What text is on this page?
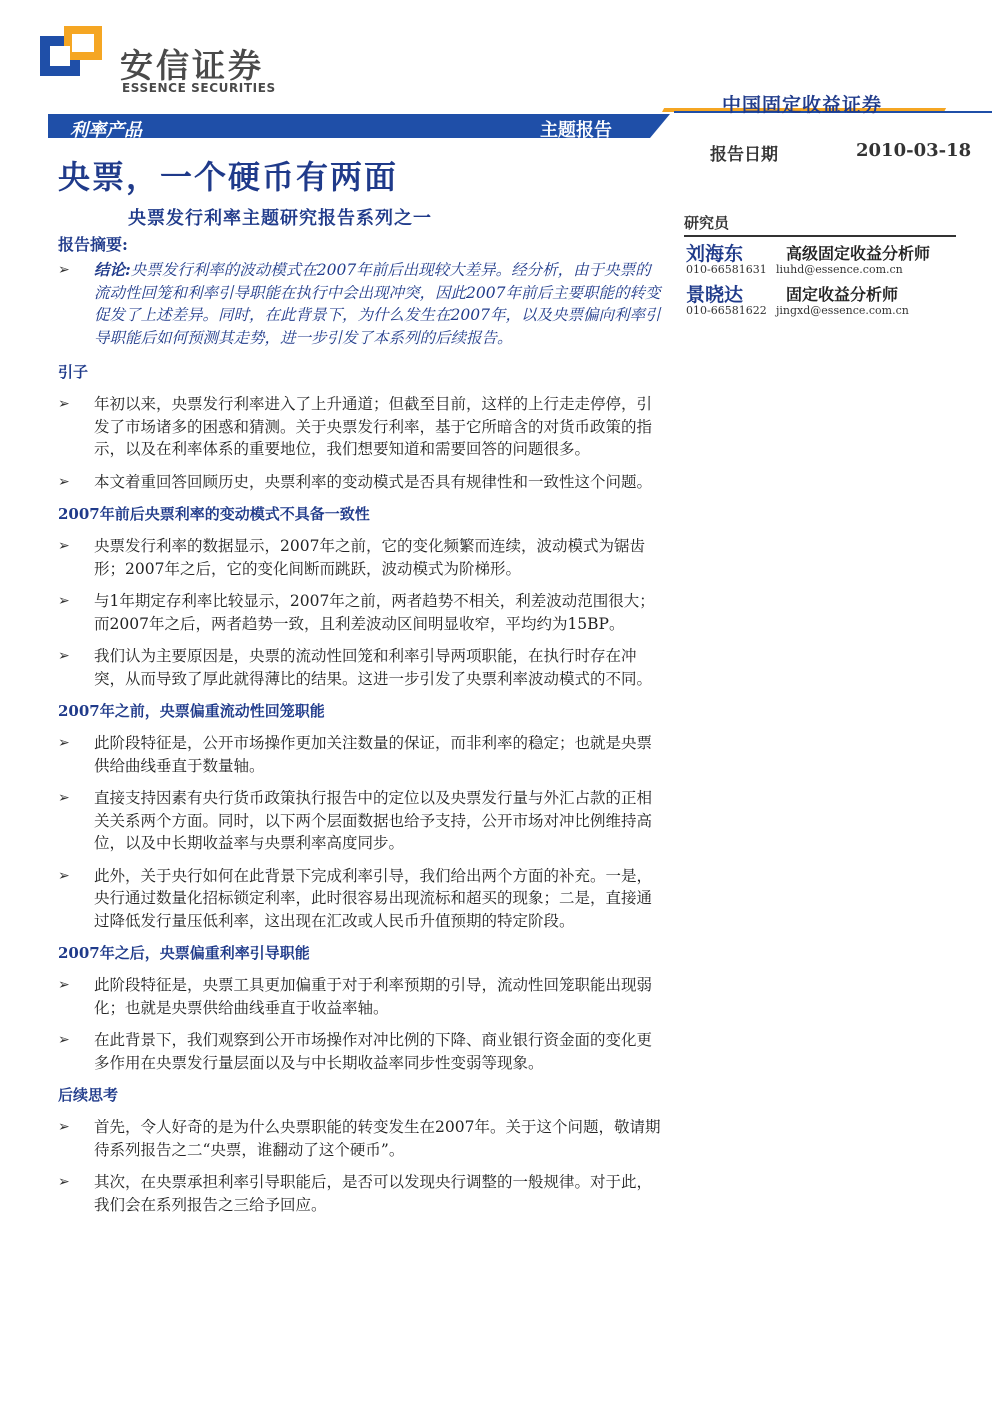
安信证券
ESSENCE SECURITIES
中国固定收益证券
利率产品	主题报告
报告日期	2010-03-18
央票，一个硬币有两面
央票发行利率主题研究报告系列之一	研究员
刘海东	高级固定收益分析师
010-66581631 liuhd@essence.com.cn
景晓达	固定收益分析师
010-66581622 jingxd@essence.com.cn
报告摘要:
➢ 结论:央票发行利率的波动模式在2007年前后出现较大差异。经分析，由于央票的流动性回笼和利率引导职能在执行中会出现冲突，因此2007年前后主要职能的转变促发了上述差异。同时，在此背景下，为什么发生在2007年，以及央票偏向利率引导职能后如何预测其走势，进一步引发了本系列的后续报告。
引子
➢ 年初以来，央票发行利率进入了上升通道；但截至目前，这样的上行走走停停，引发了市场诸多的困惑和猜测。关于央票发行利率，基于它所暗含的对货币政策的指示，以及在利率体系的重要地位，我们想要知道和需要回答的问题很多。
➢ 本文着重回答回顾历史，央票利率的变动模式是否具有规律性和一致性这个问题。
2007年前后央票利率的变动模式不具备一致性
➢ 央票发行利率的数据显示，2007年之前，它的变化频繁而连续，波动模式为锯齿形；2007年之后，它的变化间断而跳跃，波动模式为阶梯形。
➢ 与1年期定存利率比较显示，2007年之前，两者趋势不相关，利差波动范围很大；而2007年之后，两者趋势一致，且利差波动区间明显收窄，平均约为15BP。
➢ 我们认为主要原因是，央票的流动性回笼和利率引导两项职能，在执行时存在冲突，从而导致了厚此就得薄比的结果。这进一步引发了央票利率波动模式的不同。
2007年之前，央票偏重流动性回笼职能
➢ 此阶段特征是，公开市场操作更加关注数量的保证，而非利率的稳定；也就是央票供给曲线垂直于数量轴。
➢ 直接支持因素有央行货币政策执行报告中的定位以及央票发行量与外汇占款的正相关关系两个方面。同时，以下两个层面数据也给予支持，公开市场对冲比例维持高位，以及中长期收益率与央票利率高度同步。
➢ 此外，关于央行如何在此背景下完成利率引导，我们给出两个方面的补充。一是，央行通过数量化招标锁定利率，此时很容易出现流标和超买的现象；二是，直接通过降低发行量压低利率，这出现在汇改或人民币升值预期的特定阶段。
2007年之后，央票偏重利率引导职能
➢ 此阶段特征是，央票工具更加偏重于对于利率预期的引导，流动性回笼职能出现弱化；也就是央票供给曲线垂直于收益率轴。
➢ 在此背景下，我们观察到公开市场操作对冲比例的下降、商业银行资金面的变化更多作用在央票发行量层面以及与中长期收益率同步性变弱等现象。
后续思考
➢ 首先，令人好奇的是为什么央票职能的转变发生在2007年。关于这个问题，敬请期待系列报告之二“央票，谁翻动了这个硬币”。
➢ 其次，在央票承担利率引导职能后，是否可以发现央行调整的一般规律。对于此，我们会在系列报告之三给予回应。
